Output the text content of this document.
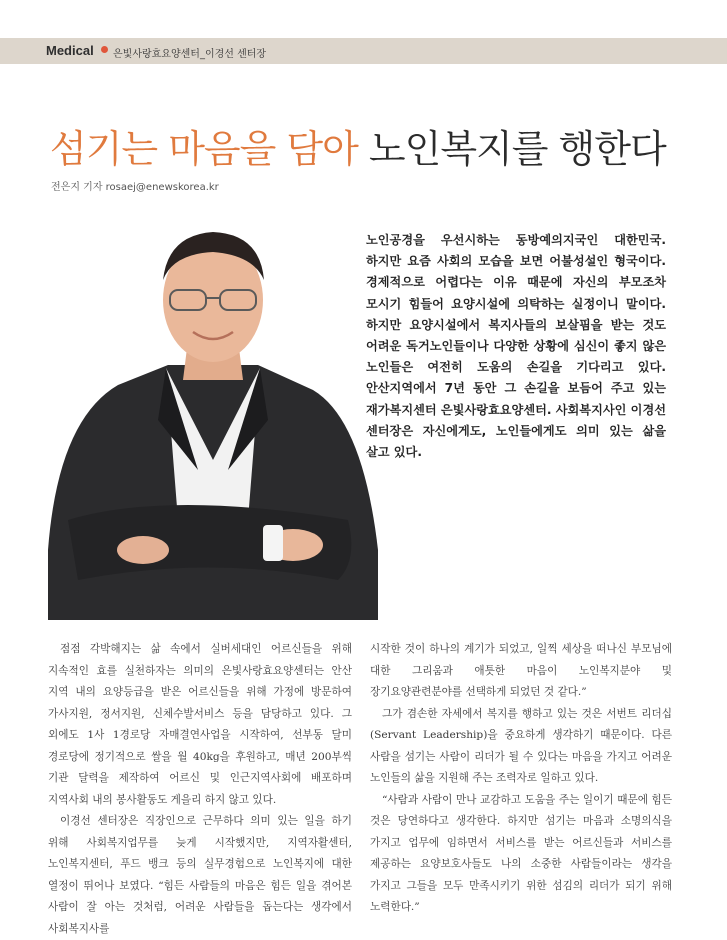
Medical 은빛사랑효요양센터_이경선 센터장
섬기는 마음을 담아 노인복지를 행한다
전은지 기자 rosaej@enewskorea.kr
노인공경을 우선시하는 동방예의지국인 대한민국. 하지만 요즘 사회의 모습을 보면 어불성설인 형국이다. 경제적으로 어렵다는 이유 때문에 자신의 부모조차 모시기 힘들어 요양시설에 의탁하는 실정이니 말이다. 하지만 요양시설에서 복지사들의 보살핌을 받는 것도 어려운 독거노인들이나 다양한 상황에 심신이 좋지 않은 노인들은 여전히 도움의 손길을 기다리고 있다. 안산지역에서 7년 동안 그 손길을 보듬어 주고 있는 재가복지센터 은빛사랑효요양센터. 사회복지사인 이경선 센터장은 자신에게도, 노인들에게도 의미 있는 삶을 살고 있다.

점점 각박해지는 삶 속에서 실버세대인 어르신들을 위해 지속적인 효를 실천하자는 의미의 은빛사랑효요양센터는 안산 지역 내의 요양등급을 받은 어르신들을 위해 가정에 방문하여 가사지원, 정서지원, 신체수발서비스 등을 담당하고 있다. 그 외에도 1사 1경로당 자매결연사업을 시작하여, 선부동 달미 경로당에 정기적으로 쌀을 월 40kg을 후원하고, 매년 200부씩 기관 달력을 제작하여 어르신 및 인근지역사회에 배포하며 지역사회 내의 봉사활동도 게을리 하지 않고 있다.

이경선 센터장은 직장인으로 근무하다 의미 있는 일을 하기 위해 사회복지업무를 늦게 시작했지만, 지역자활센터, 노인복지센터, 푸드 뱅크 등의 실무경험으로 노인복지에 대한 열정이 뛰어나 보였다. “힘든 사람들의 마음은 힘든 일을 겪어본 사람이 잘 아는 것처럼, 어려운 사람들을 돕는다는 생각에서 사회복지사를

시작한 것이 하나의 계기가 되었고, 일찍 세상을 떠나신 부모님에 대한 그리움과 애틋한 마음이 노인복지분야 및 장기요양관련분야를 선택하게 되었던 것 같다.”

그가 겸손한 자세에서 복지를 행하고 있는 것은 서번트 리더십(Servant Leadership)을 중요하게 생각하기 때문이다. 다른 사람을 섬기는 사람이 리더가 될 수 있다는 마음을 가지고 어려운 노인들의 삶을 지원해 주는 조력자로 일하고 있다.

“사람과 사람이 만나 교감하고 도움을 주는 일이기 때문에 힘든 것은 당연하다고 생각한다. 하지만 섬기는 마음과 소명의식을 가지고 업무에 임하면서 서비스를 받는 어르신들과 서비스를 제공하는 요양보호사들도 나의 소중한 사람들이라는 생각을 가지고 그들을 모두 만족시키기 위한 섬김의 리더가 되기 위해 노력한다.”
